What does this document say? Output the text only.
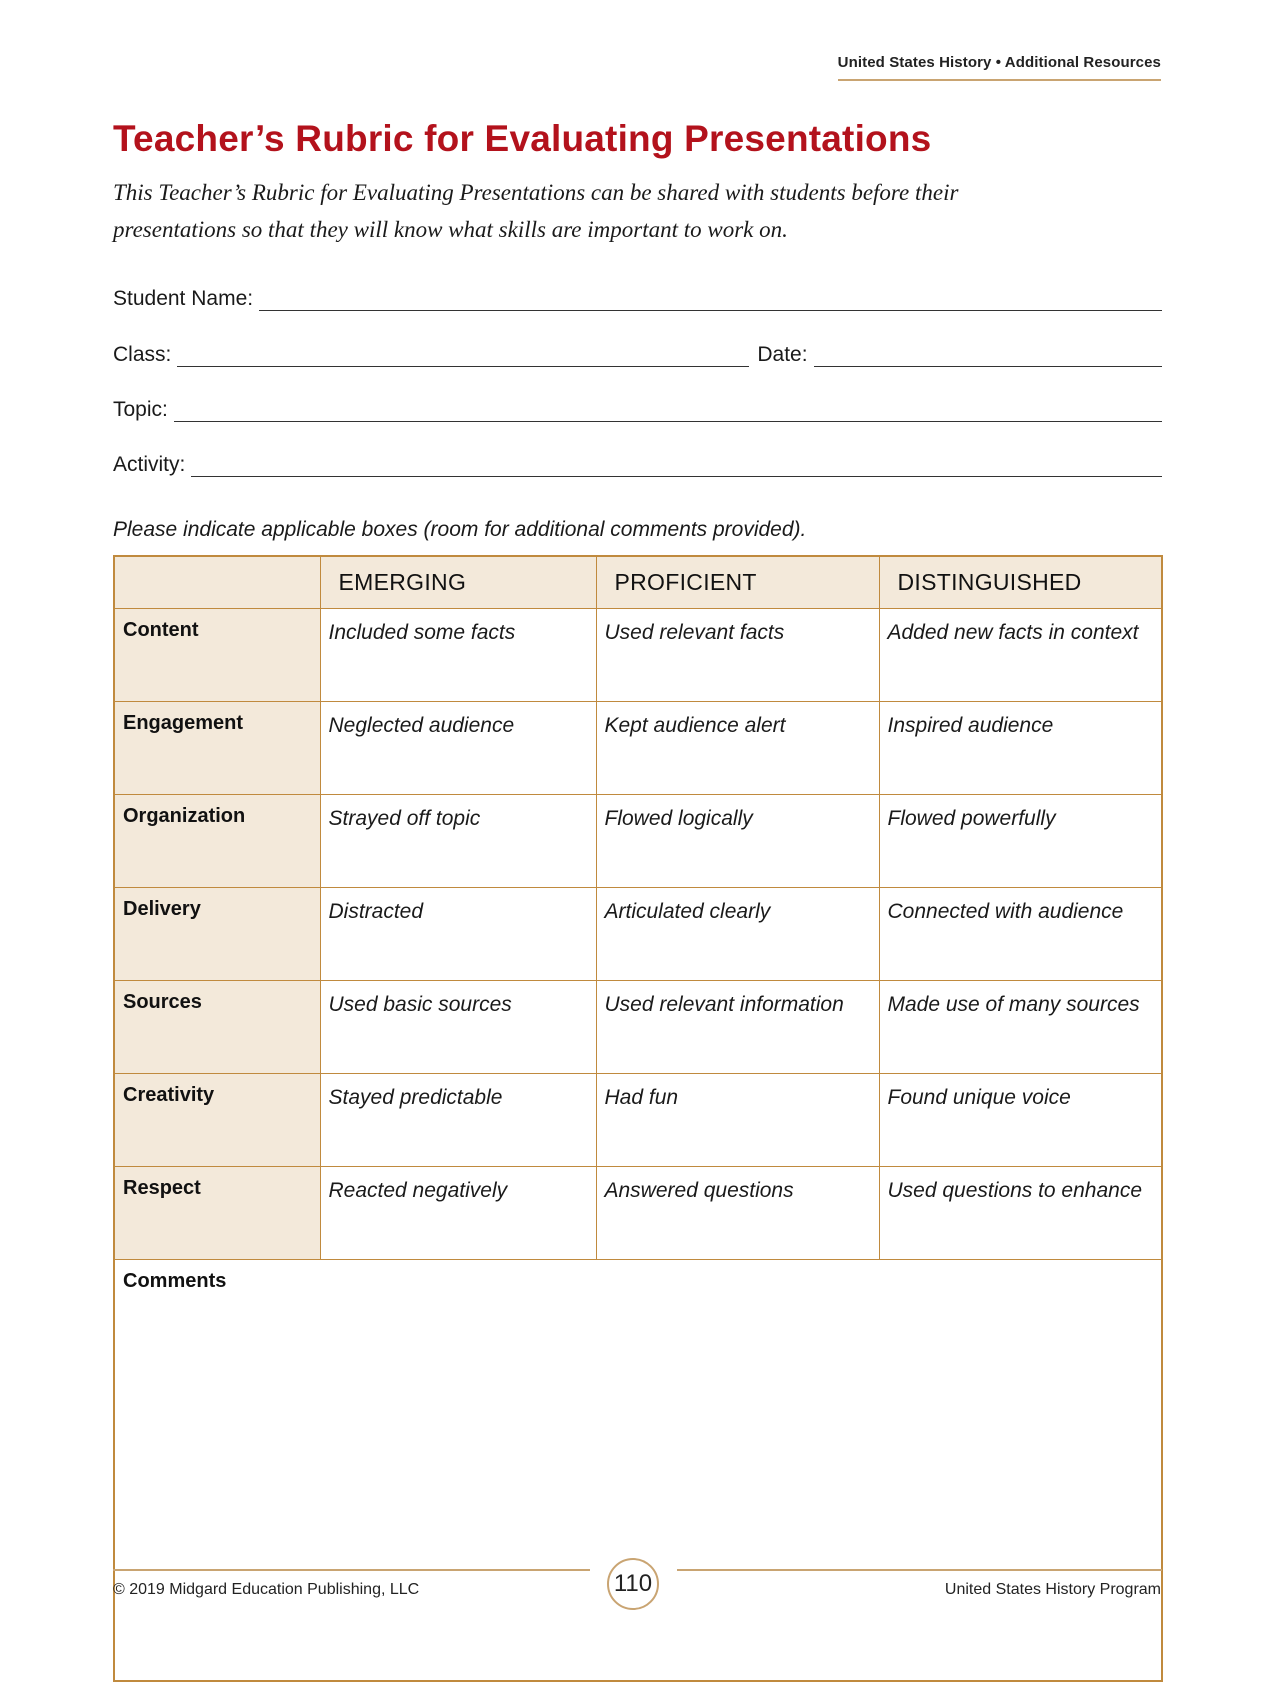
United States History • Additional Resources
Teacher’s Rubric for Evaluating Presentations
This Teacher’s Rubric for Evaluating Presentations can be shared with students before their presentations so that they will know what skills are important to work on.
Student Name:
Class:	Date:
Topic:
Activity:
Please indicate applicable boxes (room for additional comments provided).
	EMERGING	PROFICIENT	DISTINGUISHED
Content	Included some facts	Used relevant facts	Added new facts in context
Engagement	Neglected audience	Kept audience alert	Inspired audience
Organization	Strayed off topic	Flowed logically	Flowed powerfully
Delivery	Distracted	Articulated clearly	Connected with audience
Sources	Used basic sources	Used relevant information	Made use of many sources
Creativity	Stayed predictable	Had fun	Found unique voice
Respect	Reacted negatively	Answered questions	Used questions to enhance
Comments			
110
© 2019 Midgard Education Publishing, LLC	United States History Program
